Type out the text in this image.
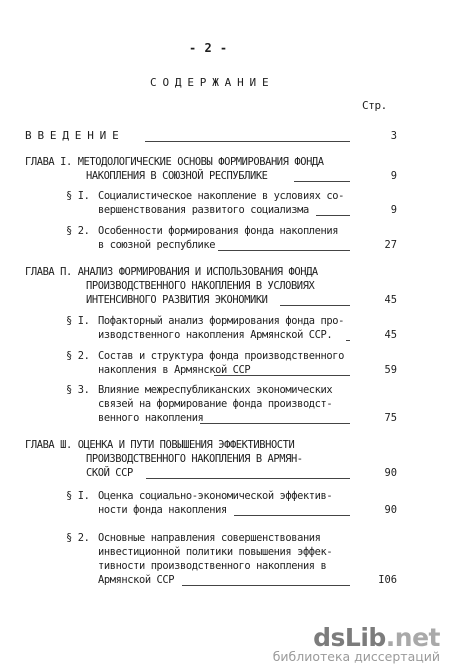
- 2 -
С О Д Е Р Ж А Н И Е
Стр.
В В Е Д Е Н И Е	3
ГЛАВА I. МЕТОДОЛОГИЧЕСКИЕ ОСНОВЫ ФОРМИРОВАНИЯ ФОНДА
НАКОПЛЕНИЯ В СОЮЗНОЙ РЕСПУБЛИКЕ	9
§ I. Социалистическое накопление в условиях со-
вершенствования развитого социализма	9
§ 2. Особенности формирования фонда накопления
в союзной республике	27
ГЛАВА П. АНАЛИЗ ФОРМИРОВАНИЯ И ИСПОЛЬЗОВАНИЯ ФОНДА
ПРОИЗВОДСТВЕННОГО НАКОПЛЕНИЯ В УСЛОВИЯХ
ИНТЕНСИВНОГО РАЗВИТИЯ ЭКОНОМИКИ	45
§ I. Пофакторный анализ формирования фонда про-
изводственного накопления Армянской ССР.	45
§ 2. Состав и структура фонда производственного
накопления в Армянской ССР	59
§ 3. Влияние межреспубликанских экономических
связей на формирование фонда производст-
венного накопления	75
ГЛАВА Ш. ОЦЕНКА И ПУТИ ПОВЫШЕНИЯ ЭФФЕКТИВНОСТИ
ПРОИЗВОДСТВЕННОГО НАКОПЛЕНИЯ В АРМЯН-
СКОЙ ССР	90
§ I. Оценка социально-экономической эффектив-
ности фонда накопления	90
§ 2. Основные направления совершенствования
инвестиционной политики повышения эффек-
тивности производственного накопления в
Армянской ССР	I06
dsLib.net
библиотека диссертаций
